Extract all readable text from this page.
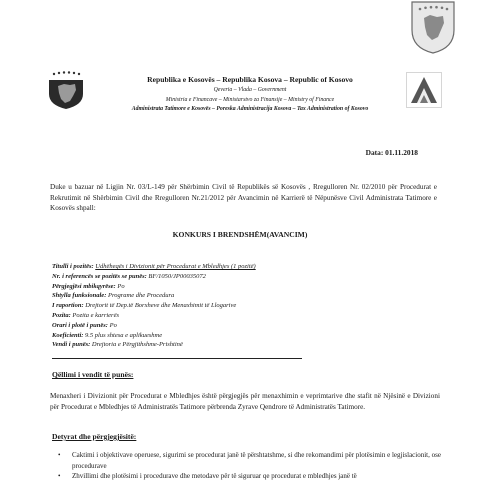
Republika e Kosovës – Republika Kosova – Republic of Kosovo
Qeveria – Vlada – Government
Ministria e Financave – Ministarstvo za Finansije – Ministry of Finance
Administrata Tatimore e Kosovës – Poreska Administracija Kosova – Tax Administration of Kosovo
Data: 01.11.2018
Duke u bazuar në Ligjin Nr. 03/L-149 për Shërbimin Civil të Republikës së Kosovës , Rregulloren Nr. 02/2010 për Procedurat e Rekrutimit në Shërbimin Civil dhe Rregulloren Nr.21/2012 për Avancimin në Karrierë të Nëpunësve Civil Administrata Tatimore e Kosovës shpall:
KONKURS I BRENDSHËM(AVANCIM)
Titulli i pozitës: Udhëheqës i Divizionit për Procedurat e Mbledhjes (1 pozitë)
Nr. i referencës se pozitës se punës: BF/1050/JP00035072
Përgjegjësi mbikqyrëse: Po
Shtylla funksionale: Programe dhe Procedura
I raportion: Drejtorit të Dep.të Borxheve dhe Menaxhimit të Llogarive
Pozita: Pozita e karrierës
Orari i plotë i punës: Po
Koeficienti: 9.5 plus shtesa e aplikueshme
Vendi i punës: Drejtoria e Përgjithshme-Prishtinë
Qëllimi i vendit të punës:
Menaxheri i Divizionit për Procedurat e Mbledhjes është përgjegjës për menaxhimin e veprimtarive dhe stafit në Njësinë e Divizioni për Procedurat e Mbledhjes të Administratës Tatimore përbrenda Zyrave Qendrore të Administratës Tatimore.
Detyrat dhe përgjegjësitë:
• Caktimi i objektivave operuese, sigurimi se procedurat janë të përshtatshme, si dhe rekomandimi për plotësimin e legjislacionit, ose procedurave
• Zhvillimi dhe plotësimi i procedurave dhe metodave për të siguruar qe procedurat e mbledhjes janë të
